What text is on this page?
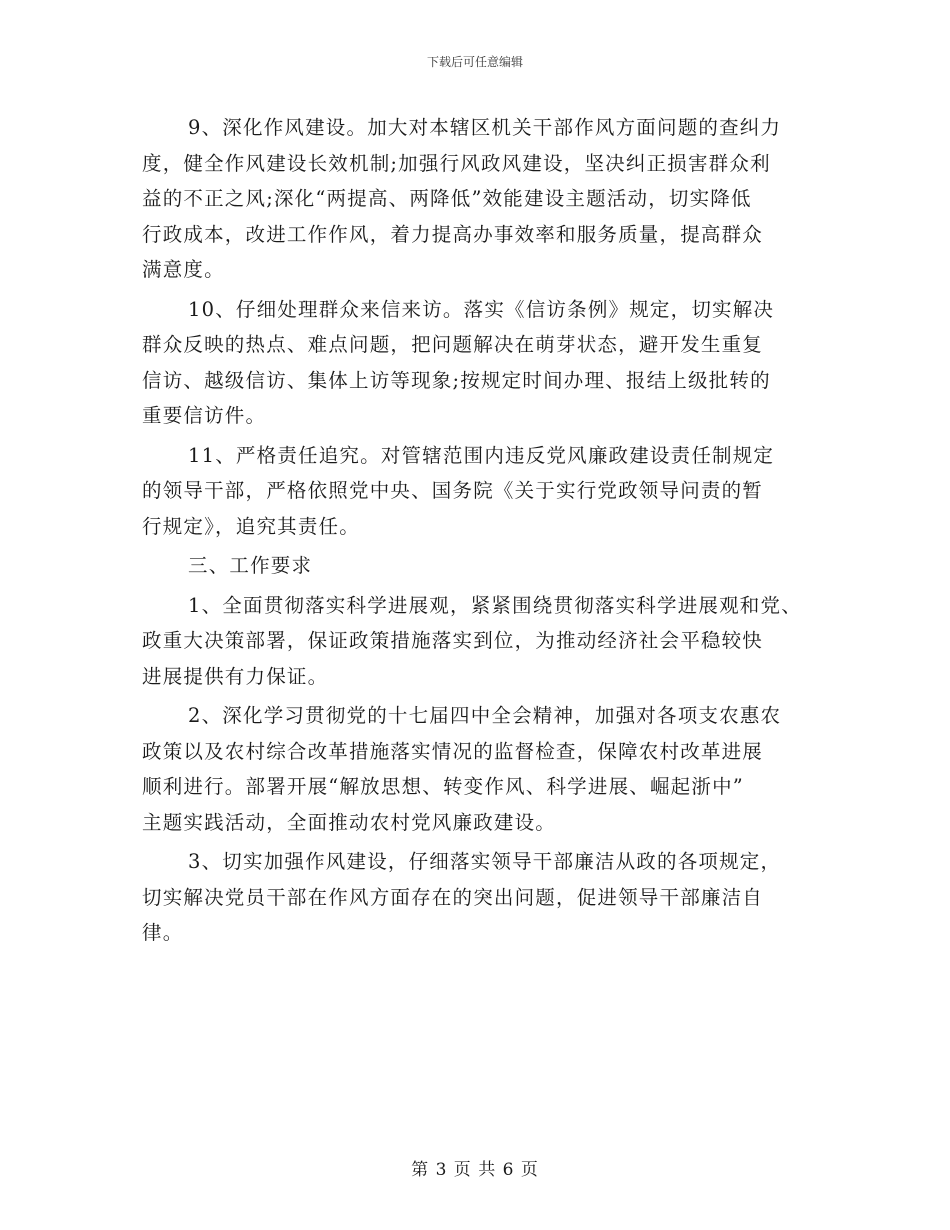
下载后可任意编辑
9、深化作风建设。加大对本辖区机关干部作风方面问题的查纠力
度，健全作风建设长效机制;加强行风政风建设，坚决纠正损害群众利
益的不正之风;深化“两提高、两降低”效能建设主题活动，切实降低
行政成本，改进工作作风，着力提高办事效率和服务质量，提高群众
满意度。
10、仔细处理群众来信来访。落实《信访条例》规定，切实解决
群众反映的热点、难点问题，把问题解决在萌芽状态，避开发生重复
信访、越级信访、集体上访等现象;按规定时间办理、报结上级批转的
重要信访件。
11、严格责任追究。对管辖范围内违反党风廉政建设责任制规定
的领导干部，严格依照党中央、国务院《关于实行党政领导问责的暂
行规定》，追究其责任。
三、工作要求
1、全面贯彻落实科学进展观，紧紧围绕贯彻落实科学进展观和党、
政重大决策部署，保证政策措施落实到位，为推动经济社会平稳较快
进展提供有力保证。
2、深化学习贯彻党的十七届四中全会精神，加强对各项支农惠农
政策以及农村综合改革措施落实情况的监督检查，保障农村改革进展
顺利进行。部署开展“解放思想、转变作风、科学进展、崛起浙中”
主题实践活动，全面推动农村党风廉政建设。
3、切实加强作风建设，仔细落实领导干部廉洁从政的各项规定，
切实解决党员干部在作风方面存在的突出问题，促进领导干部廉洁自
律。
第 3 页 共 6 页
